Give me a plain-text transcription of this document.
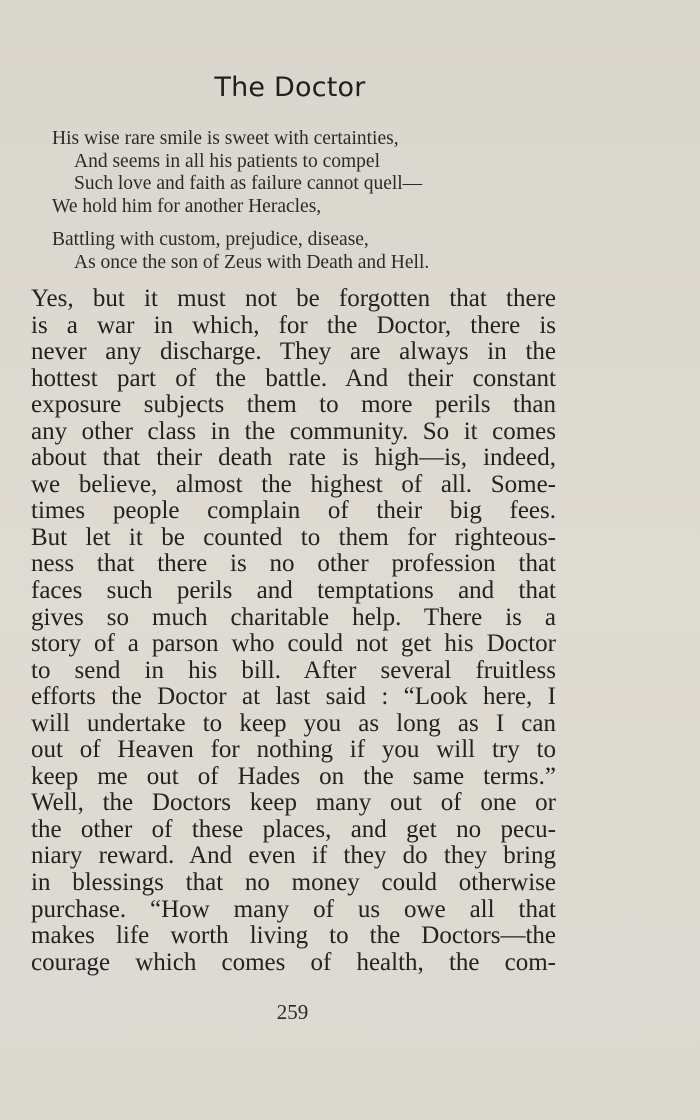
The Doctor
His wise rare smile is sweet with certainties,
And seems in all his patients to compel
Such love and faith as failure cannot quell—
We hold him for another Heracles,
Battling with custom, prejudice, disease,
As once the son of Zeus with Death and Hell.
Yes, but it must not be forgotten that there
is a war in which, for the Doctor, there is
never any discharge. They are always in the
hottest part of the battle. And their constant
exposure subjects them to more perils than
any other class in the community. So it comes
about that their death rate is high—is, indeed,
we believe, almost the highest of all. Some-
times people complain of their big fees.
But let it be counted to them for righteous-
ness that there is no other profession that
faces such perils and temptations and that
gives so much charitable help. There is a
story of a parson who could not get his Doctor
to send in his bill. After several fruitless
efforts the Doctor at last said : “Look here, I
will undertake to keep you as long as I can
out of Heaven for nothing if you will try to
keep me out of Hades on the same terms.”
Well, the Doctors keep many out of one or
the other of these places, and get no pecu-
niary reward. And even if they do they bring
in blessings that no money could otherwise
purchase. “How many of us owe all that
makes life worth living to the Doctors—the
courage which comes of health, the com-
259
